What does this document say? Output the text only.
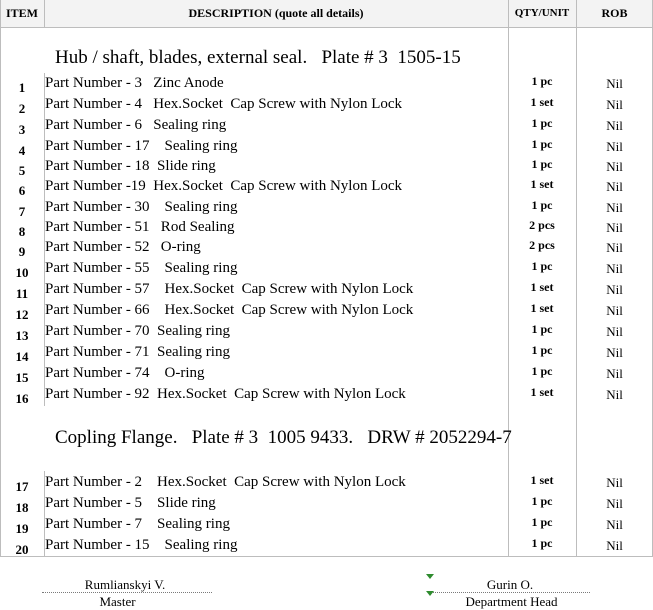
ITEM	DESCRIPTION (quote all details)	QTY/UNIT	ROB
Hub / shaft, blades, external seal.   Plate # 3  1505-15
Copling Flange.   Plate # 3  1005 9433.   DRW # 2052294-7
1	Part Number - 3   Zinc Anode	1 pc	Nil
2	Part Number - 4   Hex.Socket  Cap Screw with Nylon Lock	1 set	Nil
3	Part Number - 6   Sealing ring	1 pc	Nil
4	Part Number - 17    Sealing ring	1 pc	Nil
5	Part Number - 18  Slide ring	1 pc	Nil
6	Part Number -19  Hex.Socket  Cap Screw with Nylon Lock	1 set	Nil
7	Part Number - 30    Sealing ring	1 pc	Nil
8	Part Number - 51   Rod Sealing	2 pcs	Nil
9	Part Number - 52   O-ring	2 pcs	Nil
10	Part Number - 55    Sealing ring	1 pc	Nil
11	Part Number - 57    Hex.Socket  Cap Screw with Nylon Lock	1 set	Nil
12	Part Number - 66    Hex.Socket  Cap Screw with Nylon Lock	1 set	Nil
13	Part Number - 70  Sealing ring	1 pc	Nil
14	Part Number - 71  Sealing ring	1 pc	Nil
15	Part Number - 74    O-ring	1 pc	Nil
16	Part Number - 92  Hex.Socket  Cap Screw with Nylon Lock	1 set	Nil
17	Part Number - 2    Hex.Socket  Cap Screw with Nylon Lock	1 set	Nil
18	Part Number - 5    Slide ring	1 pc	Nil
19	Part Number - 7    Sealing ring	1 pc	Nil
20	Part Number - 15    Sealing ring	1 pc	Nil
Rumlianskyi V.
Master
Gurin O.
Department Head
